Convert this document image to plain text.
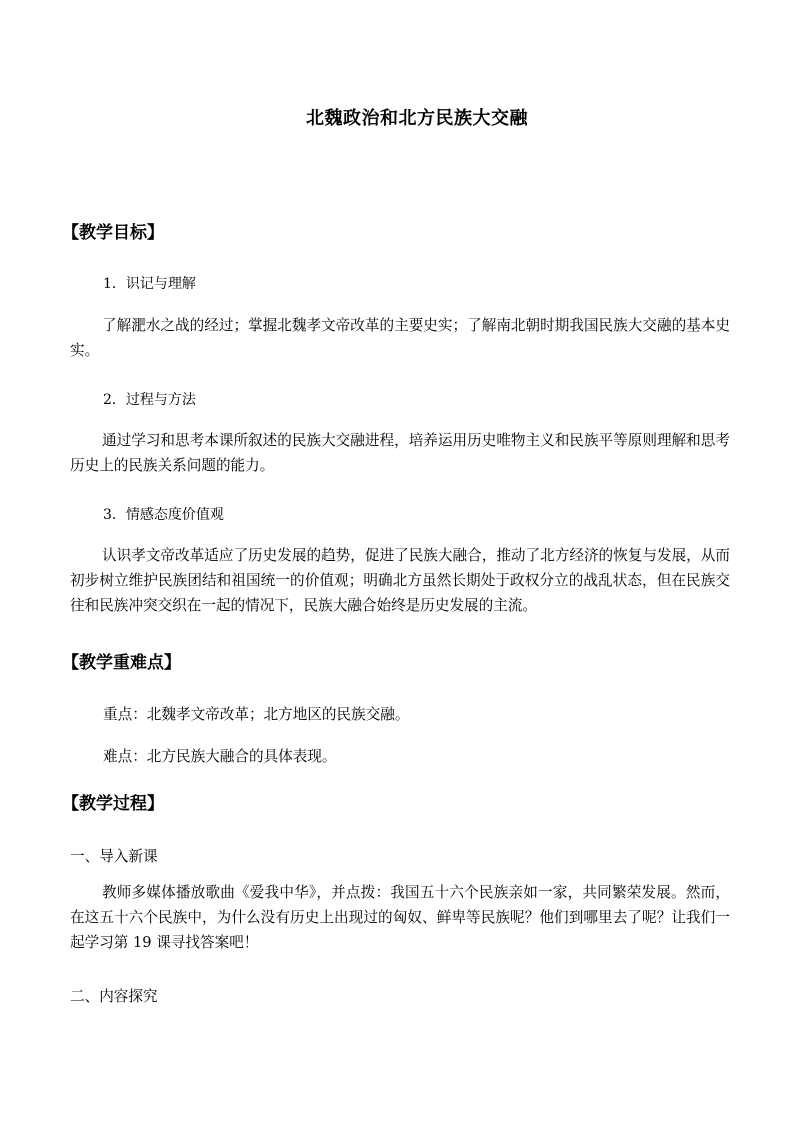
北魏政治和北方民族大交融
【教学目标】
1．识记与理解
了解淝水之战的经过；掌握北魏孝文帝改革的主要史实；了解南北朝时期我国民族大交融的基本史实。
2．过程与方法
通过学习和思考本课所叙述的民族大交融进程，培养运用历史唯物主义和民族平等原则理解和思考历史上的民族关系问题的能力。
3．情感态度价值观
认识孝文帝改革适应了历史发展的趋势，促进了民族大融合，推动了北方经济的恢复与发展，从而初步树立维护民族团结和祖国统一的价值观；明确北方虽然长期处于政权分立的战乱状态，但在民族交往和民族冲突交织在一起的情况下，民族大融合始终是历史发展的主流。
【教学重难点】
重点：北魏孝文帝改革；北方地区的民族交融。
难点：北方民族大融合的具体表现。
【教学过程】
一、导入新课
教师多媒体播放歌曲《爱我中华》，并点拨：我国五十六个民族亲如一家，共同繁荣发展。然而，在这五十六个民族中，为什么没有历史上出现过的匈奴、鲜卑等民族呢？他们到哪里去了呢？让我们一起学习第 19 课寻找答案吧！
二、内容探究
